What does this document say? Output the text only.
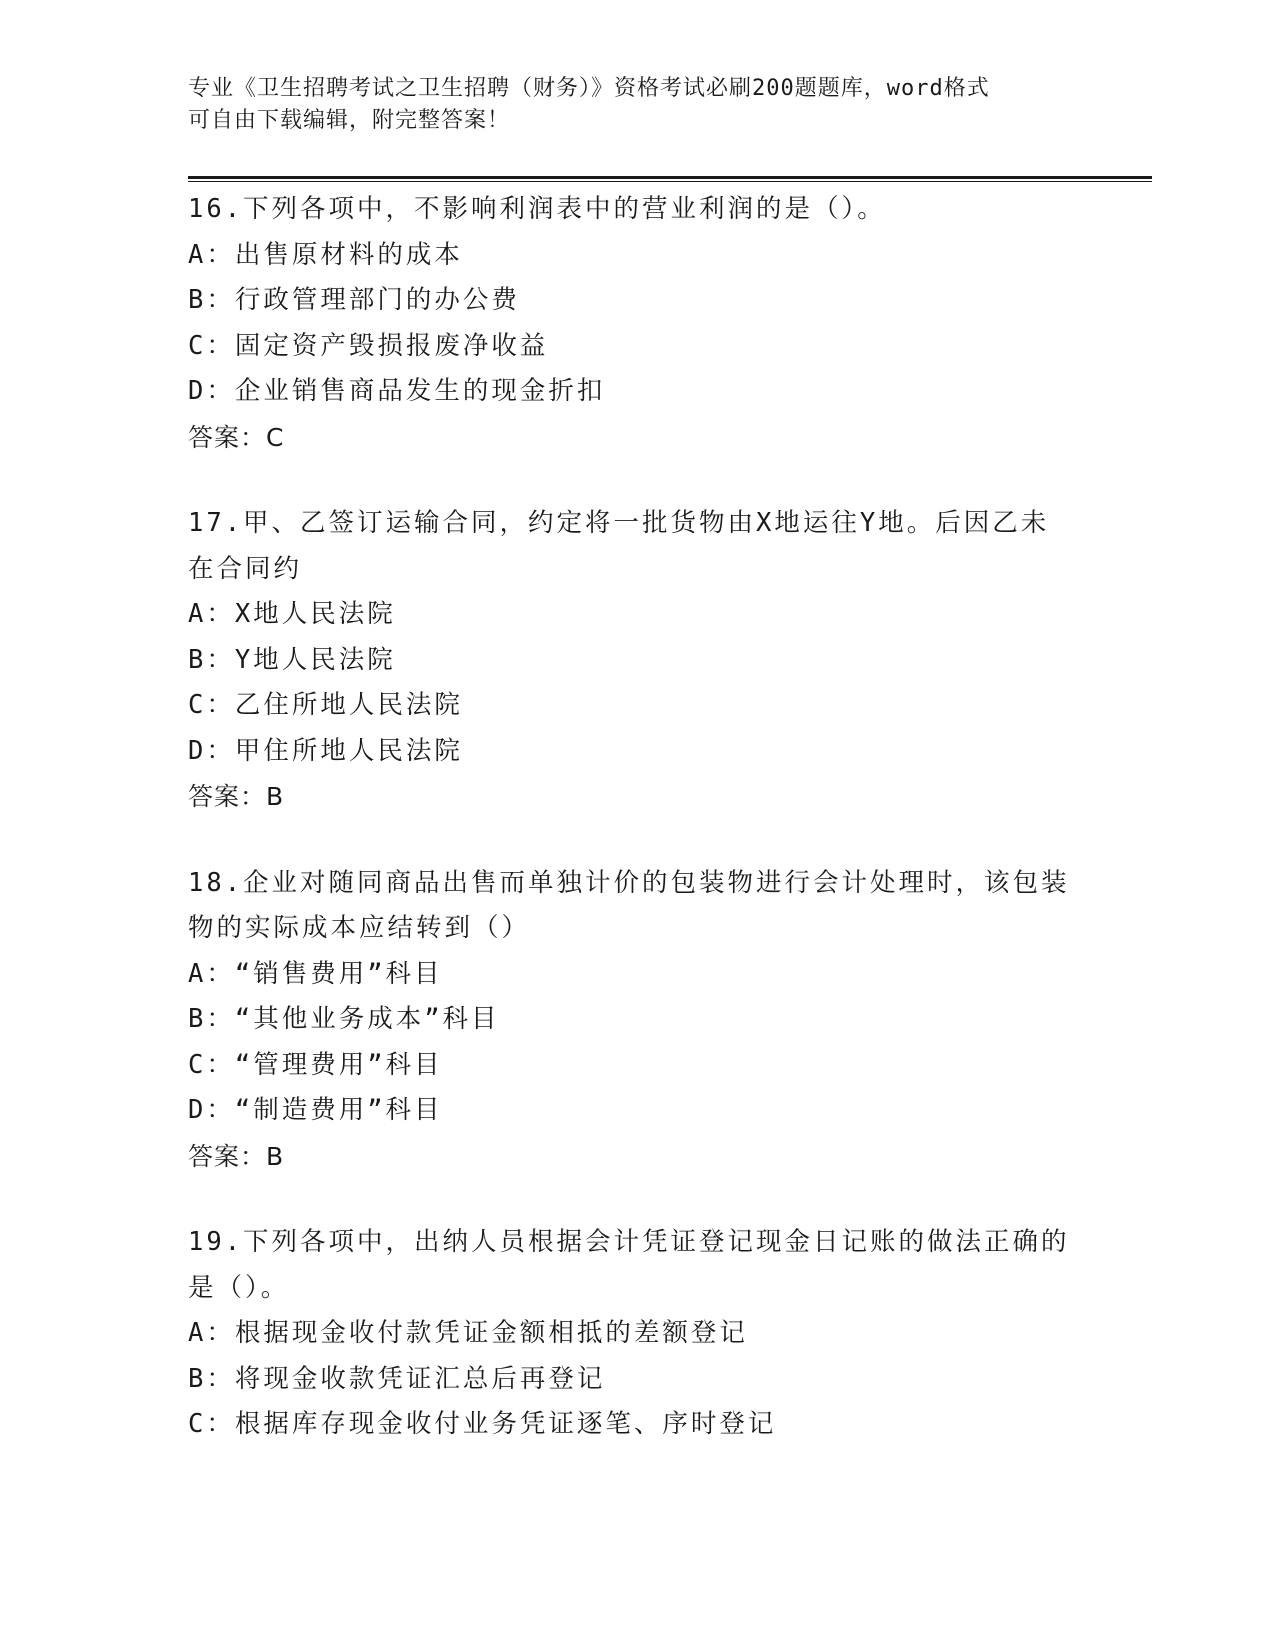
专业《卫生招聘考试之卫生招聘（财务）》资格考试必刷200题题库，word格式
可自由下载编辑，附完整答案！
16.下列各项中，不影响利润表中的营业利润的是（）。
A：出售原材料的成本
B：行政管理部门的办公费
C：固定资产毁损报废净收益
D：企业销售商品发生的现金折扣
答案：C
17.甲、乙签订运输合同，约定将一批货物由X地运往Y地。后因乙未
在合同约
A：X地人民法院
B：Y地人民法院
C：乙住所地人民法院
D：甲住所地人民法院
答案：B
18.企业对随同商品出售而单独计价的包装物进行会计处理时，该包装
物的实际成本应结转到（）
A：“销售费用”科目
B：“其他业务成本”科目
C：“管理费用”科目
D：“制造费用”科目
答案：B
19.下列各项中，出纳人员根据会计凭证登记现金日记账的做法正确的
是（）。
A：根据现金收付款凭证金额相抵的差额登记
B：将现金收款凭证汇总后再登记
C：根据库存现金收付业务凭证逐笔、序时登记
